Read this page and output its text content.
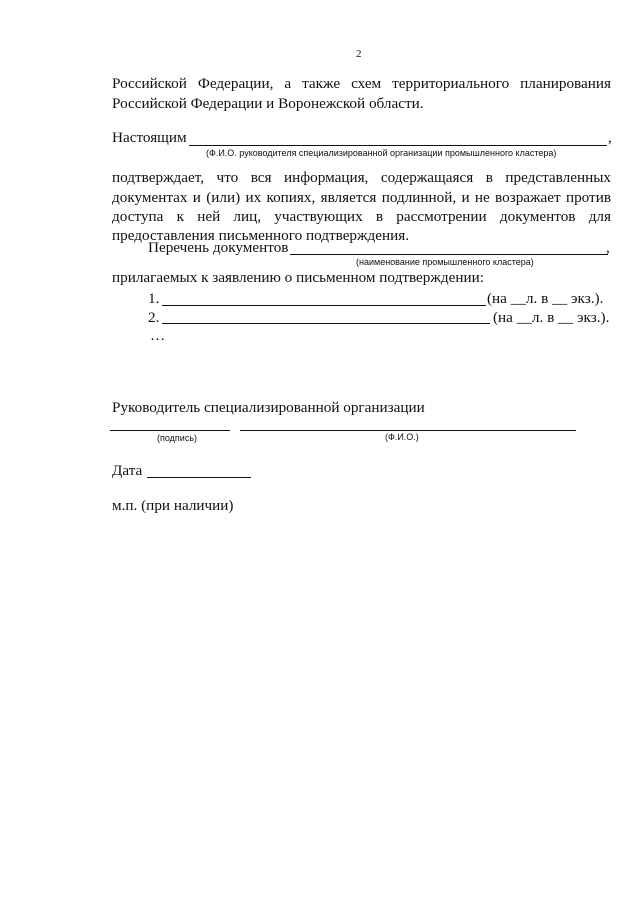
2
Российской Федерации, а также схем территориального планирования
Российской Федерации и Воронежской области.
Настоящим	,
(Ф.И.О. руководителя специализированной организации промышленного кластера)
подтверждает, что вся информация, содержащаяся в представленных
документах и (или) их копиях, является подлинной, и не возражает против
доступа к ней лиц, участвующих в рассмотрении документов для
предоставления письменного подтверждения.
Перечень документов	,
(наименование промышленного кластера)
прилагаемых к заявлению о письменном подтверждении:
1.	(на __л. в __ экз.).
2.	(на __л. в __ экз.).
…
Руководитель специализированной организации
(подпись)	(Ф.И.О.)
Дата
м.п. (при наличии)
